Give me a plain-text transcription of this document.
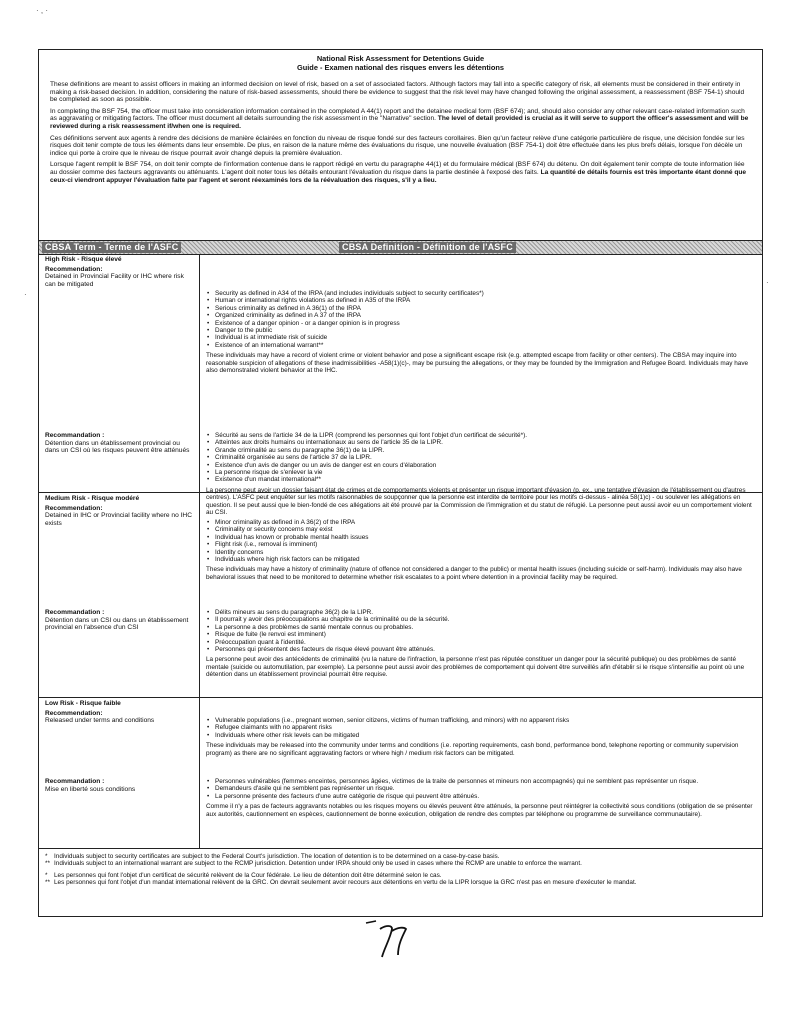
· , ·
·
·
National Risk Assessment for Detentions Guide
Guide - Examen national des risques envers les détentions

These definitions are meant to assist officers in making an informed decision on level of risk, based on a set of associated factors. Although factors may fall into a specific category of risk, all elements must be considered in their entirety in making a risk-based decision. In addition, considering the nature of risk-based assessments, should there be evidence to suggest that the risk level may have changed following the original assessment, a reassessment (BSF 754-1) should be completed as soon as possible.

In completing the BSF 754, the officer must take into consideration information contained in the completed A 44(1) report and the detainee medical form (BSF 674); and, should also consider any other relevant case-related information such as aggravating or mitigating factors. The officer must document all details surrounding the risk assessment in the "Narrative" section. The level of detail provided is crucial as it will serve to support the officer's assessment and will be reviewed during a risk reassessment if/when one is required.

Ces définitions servent aux agents à rendre des décisions de manière éclairées en fonction du niveau de risque fondé sur des facteurs corollaires. Bien qu'un facteur relève d'une catégorie particulière de risque, une décision fondée sur les risques doit tenir compte de tous les éléments dans leur ensemble. De plus, en raison de la nature même des évaluations du risque, une nouvelle évaluation (BSF 754-1) doit être effectuée dans les plus brefs délais, lorsque l'on décèle un indice qui porte à croire que le niveau de risque pourrait avoir changé depuis la première évaluation.

Lorsque l'agent remplit le BSF 754, on doit tenir compte de l'information contenue dans le rapport rédigé en vertu du paragraphe 44(1) et du formulaire médical (BSF 674) du détenu. On doit également tenir compte de toute information liée au dossier comme des facteurs aggravants ou atténuants. L'agent doit noter tous les détails entourant l'évaluation du risque dans la partie destinée à l'exposé des faits. La quantité de détails fournis est très importante étant donné que ceux-ci viendront appuyer l'évaluation faite par l'agent et seront réexaminés lors de la réévaluation des risques, s'il y a lieu.

CBSA Term - Terme de l'ASFC	CBSA Definition - Définition de l'ASFC
High Risk - Risque élevé
Recommendation:
Detained in Provincial Facility or IHC where risk can be mitigated
Recommandation :
Détention dans un établissement provincial ou dans un CSI où les risques peuvent être atténués
• Security as defined in A34 of the IRPA (and includes individuals subject to security certificates*)
• Human or international rights violations as defined in A35 of the IRPA
• Serious criminality as defined in A 36(1) of the IRPA
• Organized criminality as defined in A 37 of the IRPA
• Existence of a danger opinion - or a danger opinion is in progress
• Danger to the public
• Individual is at immediate risk of suicide
• Existence of an international warrant**

These individuals may have a record of violent crime or violent behavior and pose a significant escape risk (e.g. attempted escape from facility or other centers). The CBSA may inquire into reasonable suspicion of allegations of these inadmissibilities -A58(1)(c)-, may be pursuing the allegations, or they may be founded by the Immigration and Refugee Board. Individuals may have also demonstrated violent behavior at the IHC.

• Sécurité au sens de l'article 34 de la LIPR (comprend les personnes qui font l'objet d'un certificat de sécurité*).
• Atteintes aux droits humains ou internationaux au sens de l'article 35 de la LIPR.
• Grande criminalité au sens du paragraphe 36(1) de la LIPR.
• Criminalité organisée au sens de l'article 37 de la LIPR.
• Existence d'un avis de danger ou un avis de danger est en cours d'élaboration
• La personne risque de s'enlever la vie
• Existence d'un mandat international**

La personne peut avoir un dossier faisant état de crimes et de comportements violents et présenter un risque important d'évasion (p. ex., une tentative d'évasion de l'établissement ou d'autres centres). L'ASFC peut enquêter sur les motifs raisonnables de soupçonner que la personne est interdite de territoire pour les motifs ci-dessus - alinéa 58(1)c) - ou soulever les allégations en question. Il se peut aussi que le bien-fondé de ces allégations ait été prouvé par la Commission de l'immigration et du statut de réfugié. La personne peut aussi avoir eu un comportement violent au CSI.

Medium Risk - Risque modéré
Recommendation:
Detained in IHC or Provincial facility where no IHC exists
Recommandation :
Détention dans un CSI ou dans un établissement provincial en l'absence d'un CSI
• Minor criminality as defined in A 36(2) of the IRPA
• Criminality or security concerns may exist
• Individual has known or probable mental health issues
• Flight risk (i.e., removal is imminent)
• Identity concerns
• Individuals where high risk factors can be mitigated

These individuals may have a history of criminality (nature of offence not considered a danger to the public) or mental health issues (including suicide or self-harm). Individuals may also have behavioral issues that need to be monitored to determine whether risk escalates to a point where detention in a provincial facility may be required.

• Délits mineurs au sens du paragraphe 36(2) de la LIPR.
• Il pourrait y avoir des préoccupations au chapitre de la criminalité ou de la sécurité.
• La personne a des problèmes de santé mentale connus ou probables.
• Risque de fuite (le renvoi est imminent)
• Préoccupation quant à l'identité.
• Personnes qui présentent des facteurs de risque élevé pouvant être atténués.

La personne peut avoir des antécédents de criminalité (vu la nature de l'infraction, la personne n'est pas réputée constituer un danger pour la sécurité publique) ou des problèmes de santé mentale (suicide ou automutilation, par exemple). La personne peut aussi avoir des problèmes de comportement qui doivent être surveillés afin d'établir si le risque s'intensifie au point où une détention dans un établissement provincial pourrait être requise.

Low Risk - Risque faible
Recommendation:
Released under terms and conditions
Recommandation :
Mise en liberté sous conditions
• Vulnerable populations (i.e., pregnant women, senior citizens, victims of human trafficking, and minors) with no apparent risks
• Refugee claimants with no apparent risks
• Individuals where other risk levels can be mitigated

These individuals may be released into the community under terms and conditions (i.e. reporting requirements, cash bond, performance bond, telephone reporting or community supervision program) as there are no significant aggravating factors or where high / medium risk factors can be mitigated.

• Personnes vulnérables (femmes enceintes, personnes âgées, victimes de la traite de personnes et mineurs non accompagnés) qui ne semblent pas représenter un risque.
• Demandeurs d'asile qui ne semblent pas représenter un risque.
• La personne présente des facteurs d'une autre catégorie de risque qui peuvent être atténués.

Comme il n'y a pas de facteurs aggravants notables ou les risques moyens ou élevés peuvent être atténués, la personne peut réintégrer la collectivité sous conditions (obligation de se présenter aux autorités, cautionnement en espèces, cautionnement de bonne exécution, obligation de rendre des comptes par téléphone ou programme de surveillance communautaire).

* Individuals subject to security certificates are subject to the Federal Court's jurisdiction. The location of detention is to be determined on a case-by-case basis.
** Individuals subject to an international warrant are subject to the RCMP jurisdiction. Detention under IRPA should only be used in cases where the RCMP are unable to enforce the warrant.
* Les personnes qui font l'objet d'un certificat de sécurité relèvent de la Cour fédérale. Le lieu de détention doit être déterminé selon le cas.
** Les personnes qui font l'objet d'un mandat international relèvent de la GRC. On devrait seulement avoir recours aux détentions en vertu de la LIPR lorsque la GRC n'est pas en mesure d'exécuter le mandat.
